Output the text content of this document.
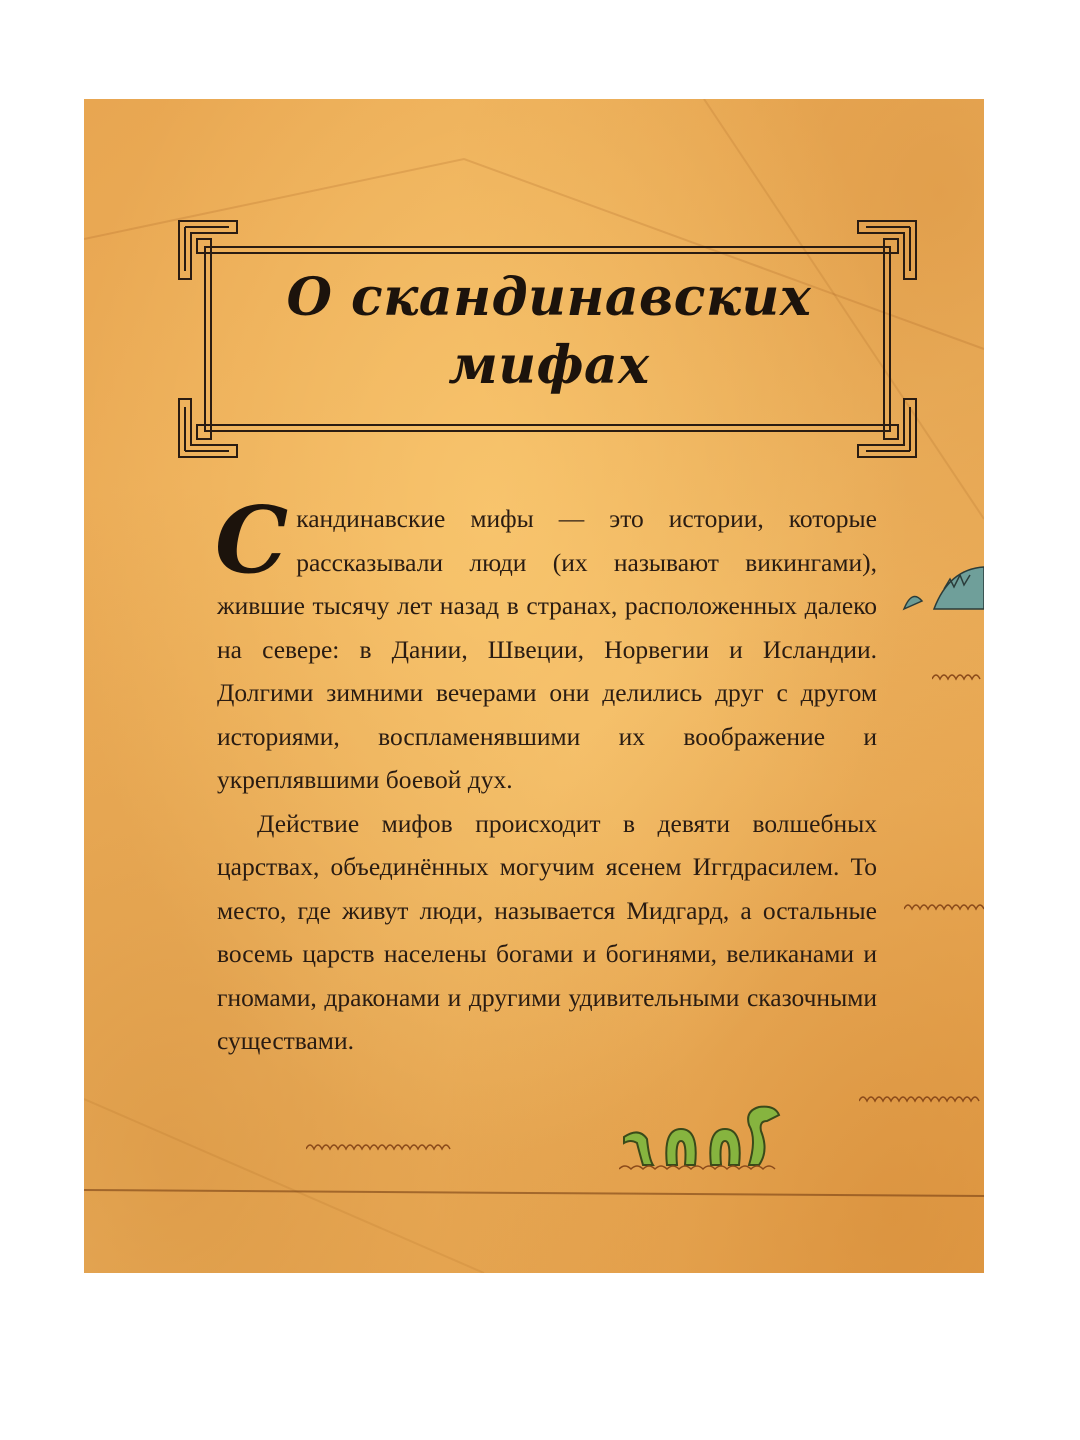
О скандинавских мифах

Скандинавские мифы — это истории, которые рассказывали люди (их называют викингами), жившие тысячу лет назад в странах, расположенных далеко на севере: в Дании, Швеции, Норвегии и Исландии. Долгими зимними вечерами они делились друг с другом историями, воспламенявшими их воображение и укреплявшими боевой дух.

Действие мифов происходит в девяти волшебных царствах, объединённых могучим ясенем Иггдрасилем. То место, где живут люди, называется Мидгард, а остальные восемь царств населены богами и богинями, великанами и гномами, драконами и другими удивительными сказочными существами.
